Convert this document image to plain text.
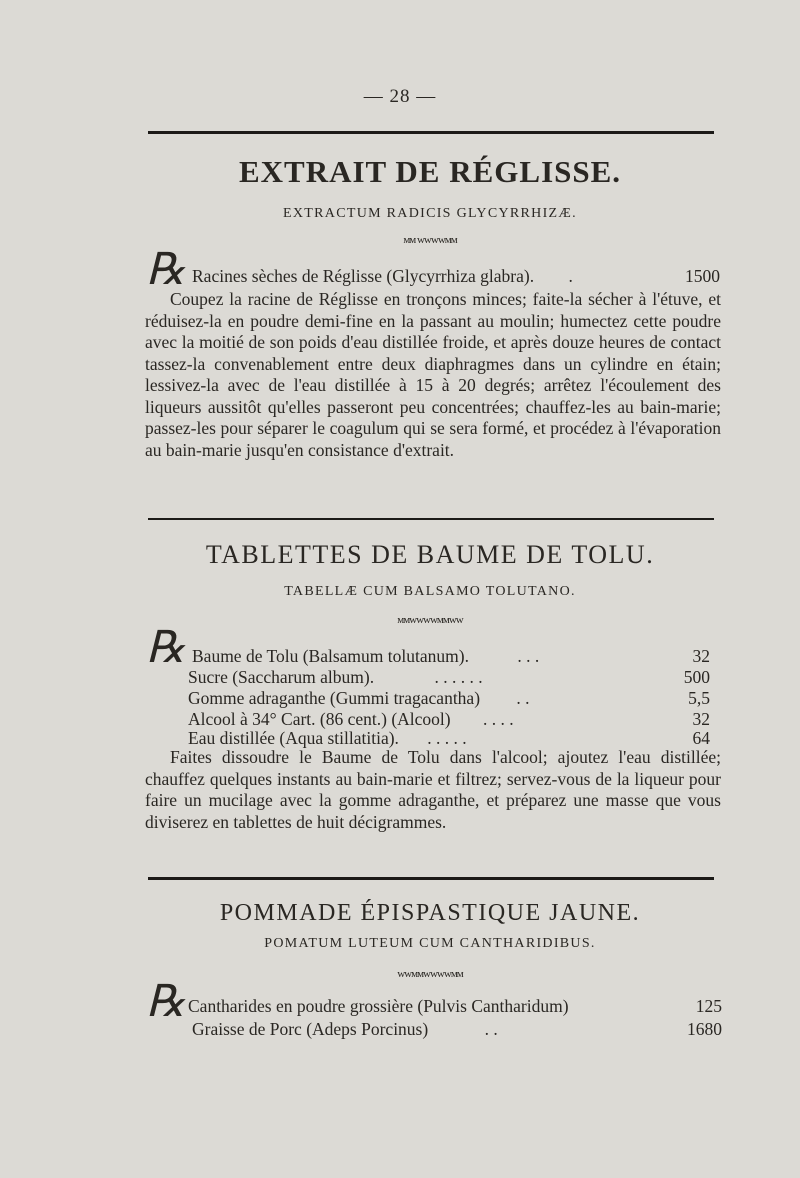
— 28 —
EXTRAIT DE RÉGLISSE.
EXTRACTUM RADICIS GLYCYRRHIZÆ.
ᴍᴍ ᴡᴡᴡᴡᴍᴍ
℞ Racines sèches de Réglisse (Glycyrrhiza glabra). .	1500
Coupez la racine de Réglisse en tronçons minces; faite-la sécher à l'étuve, et réduisez-la en poudre demi-fine en la passant au moulin; humectez cette poudre avec la moitié de son poids d'eau distillée froide, et après douze heures de contact tassez-la convenablement entre deux diaphragmes dans un cylindre en étain; lessivez-la avec de l'eau distillée à 15 à 20 degrés; arrêtez l'écoulement des liqueurs aussitôt qu'elles passeront peu concentrées; chauffez-les au bain-marie; passez-les pour séparer le coagulum qui se sera formé, et procédez à l'évaporation au bain-marie jusqu'en consistance d'extrait.
TABLETTES DE BAUME DE TOLU.
TABELLÆ CUM BALSAMO TOLUTANO.
ᴍᴍᴡᴡᴡᴡᴍᴍᴡᴡ
℞ Baume de Tolu (Balsamum tolutanum).	. . .	32
Sucre (Saccharum album).	. . . . . .	500
Gomme adraganthe (Gummi tragacantha) . .	5,5
Alcool à 34° Cart. (86 cent.) (Alcool) . . . .	32
Eau distillée (Aqua stillatitia). . . . . .	64
Faites dissoudre le Baume de Tolu dans l'alcool; ajoutez l'eau distillée; chauffez quelques instants au bain-marie et filtrez; servez-vous de la liqueur pour faire un mucilage avec la gomme adraganthe, et préparez une masse que vous diviserez en tablettes de huit décigrammes.
POMMADE ÉPISPASTIQUE JAUNE.
POMATUM LUTEUM CUM CANTHARIDIBUS.
ᴡᴡᴍᴍᴡᴡᴡᴡᴍᴍ
℞ Cantharides en poudre grossière (Pulvis Cantharidum)	125
Graisse de Porc (Adeps Porcinus)	. .	1680
